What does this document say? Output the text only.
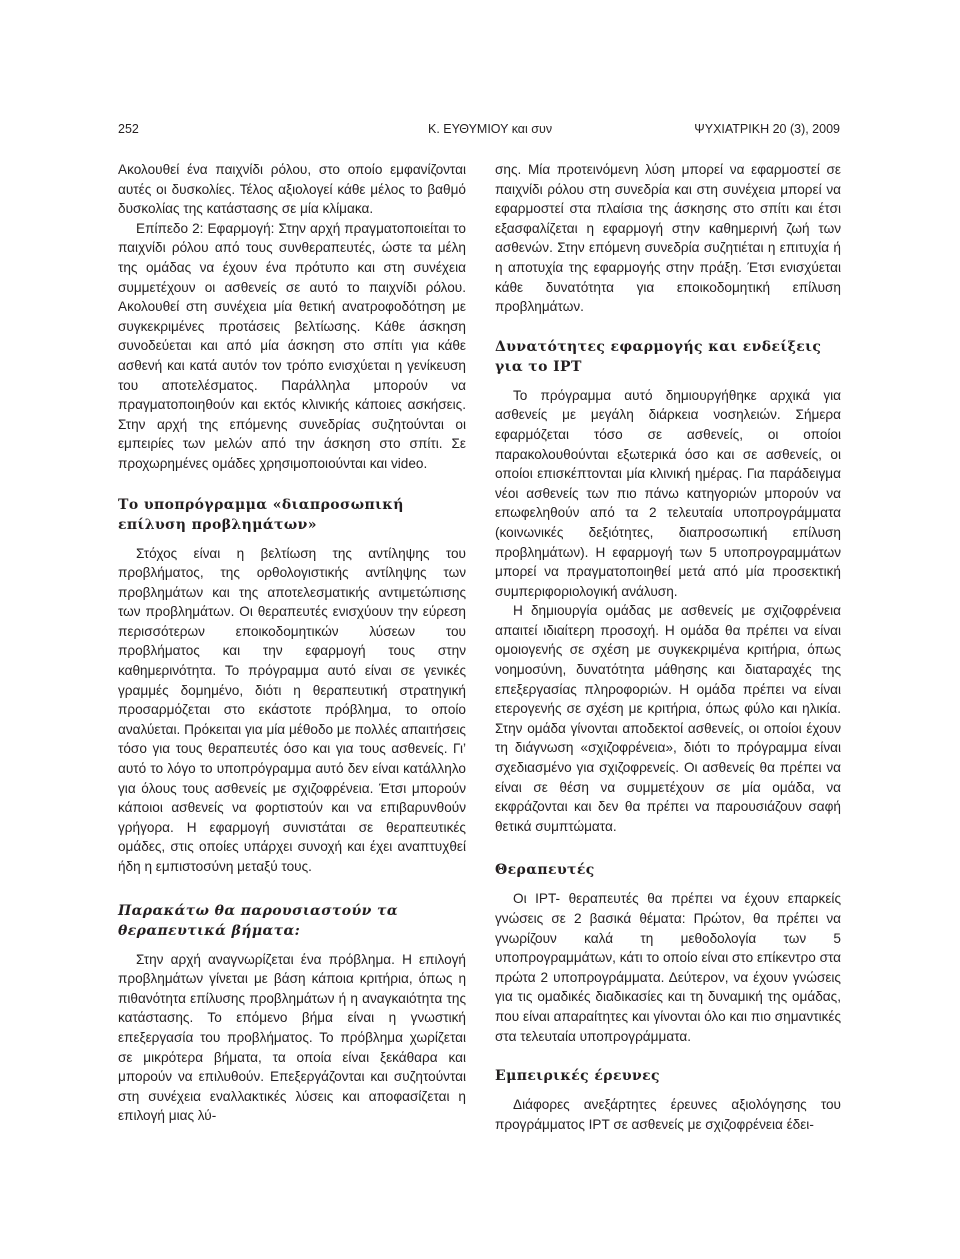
252	Κ. ΕΥΘΥΜΙΟΥ και συν	ΨΥΧΙΑΤΡΙΚΗ 20 (3), 2009

Ακολουθεί ένα παιχνίδι ρόλου, στο οποίο εμφανίζονται αυτές οι δυσκολίες. Τέλος αξιολογεί κάθε μέλος το βαθμό δυσκολίας της κατάστασης σε μία κλίμακα.

Επίπεδο 2: Εφαρμογή: Στην αρχή πραγματοποιείται το παιχνίδι ρόλου από τους συνθεραπευτές, ώστε τα μέλη της ομάδας να έχουν ένα πρότυπο και στη συνέχεια συμμετέχουν οι ασθενείς σε αυτό το παιχνίδι ρόλου. Ακολουθεί στη συνέχεια μία θετική ανατροφοδότηση με συγκεκριμένες προτάσεις βελτίωσης. Κάθε άσκηση συνοδεύεται και από μία άσκηση στο σπίτι για κάθε ασθενή και κατά αυτόν τον τρόπο ενισχύεται η γενίκευση του αποτελέσματος. Παράλληλα μπορούν να πραγματοποιηθούν και εκτός κλινικής κάποιες ασκήσεις. Στην αρχή της επόμενης συνεδρίας συζητούνται οι εμπειρίες των μελών από την άσκηση στο σπίτι. Σε προχωρημένες ομάδες χρησιμοποιούνται και video.

Το υποπρόγραμμα «διαπροσωπική επίλυση προβλημάτων»

Στόχος είναι η βελτίωση της αντίληψης του προβλήματος, της ορθολογιστικής αντίληψης των προβλημάτων και της αποτελεσματικής αντιμετώπισης των προβλημάτων. Οι θεραπευτές ενισχύουν την εύρεση περισσότερων εποικοδομητικών λύσεων του προβλήματος και την εφαρμογή τους στην καθημερινότητα. Το πρόγραμμα αυτό είναι σε γενικές γραμμές δομημένο, διότι η θεραπευτική στρατηγική προσαρμόζεται στο εκάστοτε πρόβλημα, το οποίο αναλύεται. Πρόκειται για μία μέθοδο με πολλές απαιτήσεις τόσο για τους θεραπευτές όσο και για τους ασθενείς. Γι’ αυτό το λόγο το υποπρόγραμμα αυτό δεν είναι κατάλληλο για όλους τους ασθενείς με σχιζοφρένεια. Έτσι μπορούν κάποιοι ασθενείς να φορτιστούν και να επιβαρυνθούν γρήγορα. Η εφαρμογή συνιστάται σε θεραπευτικές ομάδες, στις οποίες υπάρχει συνοχή και έχει αναπτυχθεί ήδη η εμπιστοσύνη μεταξύ τους.

Παρακάτω θα παρουσιαστούν τα θεραπευτικά βήματα:

Στην αρχή αναγνωρίζεται ένα πρόβλημα. Η επιλογή προβλημάτων γίνεται με βάση κάποια κριτήρια, όπως η πιθανότητα επίλυσης προβλημάτων ή η αναγκαιότητα της κατάστασης. Το επόμενο βήμα είναι η γνωστική επεξεργασία του προβλήματος. Το πρόβλημα χωρίζεται σε μικρότερα βήματα, τα οποία είναι ξεκάθαρα και μπορούν να επιλυθούν. Επεξεργάζονται και συζητούνται στη συνέχεια εναλλακτικές λύσεις και αποφασίζεται η επιλογή μιας λύ-

σης. Μία προτεινόμενη λύση μπορεί να εφαρμοστεί σε παιχνίδι ρόλου στη συνεδρία και στη συνέχεια μπορεί να εφαρμοστεί στα πλαίσια της άσκησης στο σπίτι και έτσι εξασφαλίζεται η εφαρμογή στην καθημερινή ζωή των ασθενών. Στην επόμενη συνεδρία συζητιέται η επιτυχία ή η αποτυχία της εφαρμογής στην πράξη. Έτσι ενισχύεται κάθε δυνατότητα για εποικοδομητική επίλυση προβλημάτων.

Δυνατότητες εφαρμογής και ενδείξεις για το IPT

Το πρόγραμμα αυτό δημιουργήθηκε αρχικά για ασθενείς με μεγάλη διάρκεια νοσηλειών. Σήμερα εφαρμόζεται τόσο σε ασθενείς, οι οποίοι παρακολουθούνται εξωτερικά όσο και σε ασθενείς, οι οποίοι επισκέπτονται μία κλινική ημέρας. Για παράδειγμα νέοι ασθενείς των πιο πάνω κατηγοριών μπορούν να επωφεληθούν από τα 2 τελευταία υποπρογράμματα (κοινωνικές δεξιότητες, διαπροσωπική επίλυση προβλημάτων). Η εφαρμογή των 5 υποπρογραμμάτων μπορεί να πραγματοποιηθεί μετά από μία προσεκτική συμπεριφοριολογική ανάλυση.

Η δημιουργία ομάδας με ασθενείς με σχιζοφρένεια απαιτεί ιδιαίτερη προσοχή. Η ομάδα θα πρέπει να είναι ομοιογενής σε σχέση με συγκεκριμένα κριτήρια, όπως νοημοσύνη, δυνατότητα μάθησης και διαταραχές της επεξεργασίας πληροφοριών. Η ομάδα πρέπει να είναι ετερογενής σε σχέση με κριτήρια, όπως φύλο και ηλικία. Στην ομάδα γίνονται αποδεκτοί ασθενείς, οι οποίοι έχουν τη διάγνωση «σχιζοφρένεια», διότι το πρόγραμμα είναι σχεδιασμένο για σχιζοφρενείς. Οι ασθενείς θα πρέπει να είναι σε θέση να συμμετέχουν σε μία ομάδα, να εκφράζονται και δεν θα πρέπει να παρουσιάζουν σαφή θετικά συμπτώματα.

Θεραπευτές

Οι IPT- θεραπευτές θα πρέπει να έχουν επαρκείς γνώσεις σε 2 βασικά θέματα: Πρώτον, θα πρέπει να γνωρίζουν καλά τη μεθοδολογία των 5 υποπρογραμμάτων, κάτι το οποίο είναι στο επίκεντρο στα πρώτα 2 υποπρογράμματα. Δεύτερον, να έχουν γνώσεις για τις ομαδικές διαδικασίες και τη δυναμική της ομάδας, που είναι απαραίτητες και γίνονται όλο και πιο σημαντικές στα τελευταία υποπρογράμματα.

Εμπειρικές έρευνες

Διάφορες ανεξάρτητες έρευνες αξιολόγησης του προγράμματος IPT σε ασθενείς με σχιζοφρένεια έδει-
